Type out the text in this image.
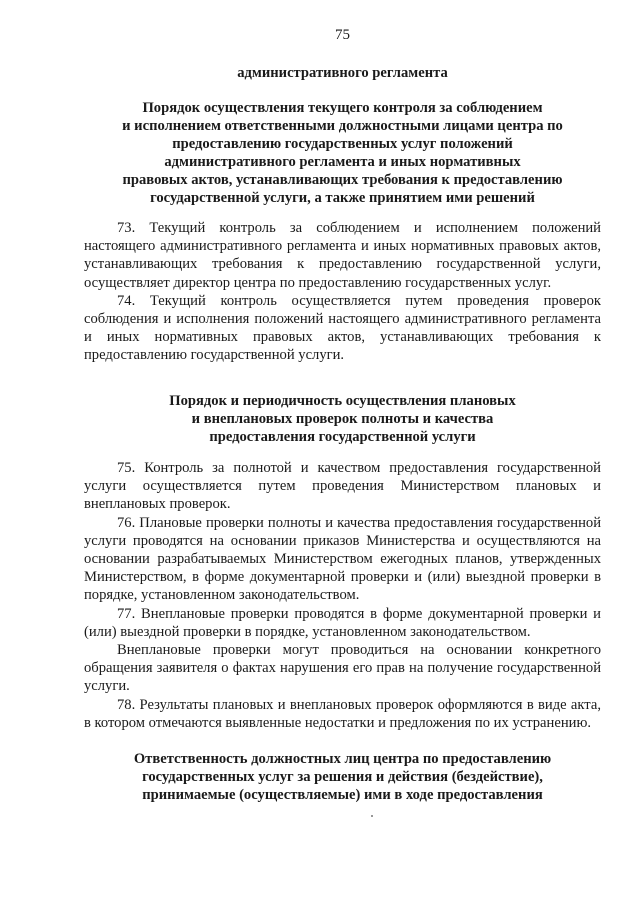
75
административного регламента
Порядок осуществления текущего контроля за соблюдением
и исполнением ответственными должностными лицами центра по
предоставлению государственных услуг положений
административного регламента и иных нормативных
правовых актов, устанавливающих требования к предоставлению
государственной услуги, а также принятием ими решений

73. Текущий контроль за соблюдением и исполнением положений настоящего административного регламента и иных нормативных правовых актов, устанавливающих требования к предоставлению государственной услуги, осуществляет директор центра по предоставлению государственных услуг.

74. Текущий контроль осуществляется путем проведения проверок соблюдения и исполнения положений настоящего административного регламента и иных нормативных правовых актов, устанавливающих требования к предоставлению государственной услуги.

Порядок и периодичность осуществления плановых
и внеплановых проверок полноты и качества
предоставления государственной услуги

75. Контроль за полнотой и качеством предоставления государственной услуги осуществляется путем проведения Министерством плановых и внеплановых проверок.

76. Плановые проверки полноты и качества предоставления государственной услуги проводятся на основании приказов Министерства и осуществляются на основании разрабатываемых Министерством ежегодных планов, утвержденных Министерством, в форме документарной проверки и (или) выездной проверки в порядке, установленном законодательством.

77. Внеплановые проверки проводятся в форме документарной проверки и (или) выездной проверки в порядке, установленном законодательством.

Внеплановые проверки могут проводиться на основании конкретного обращения заявителя о фактах нарушения его прав на получение государственной услуги.

78. Результаты плановых и внеплановых проверок оформляются в виде акта, в котором отмечаются выявленные недостатки и предложения по их устранению.

Ответственность должностных лиц центра по предоставлению
государственных услуг за решения и действия (бездействие),
принимаемые (осуществляемые) ими в ходе предоставления
